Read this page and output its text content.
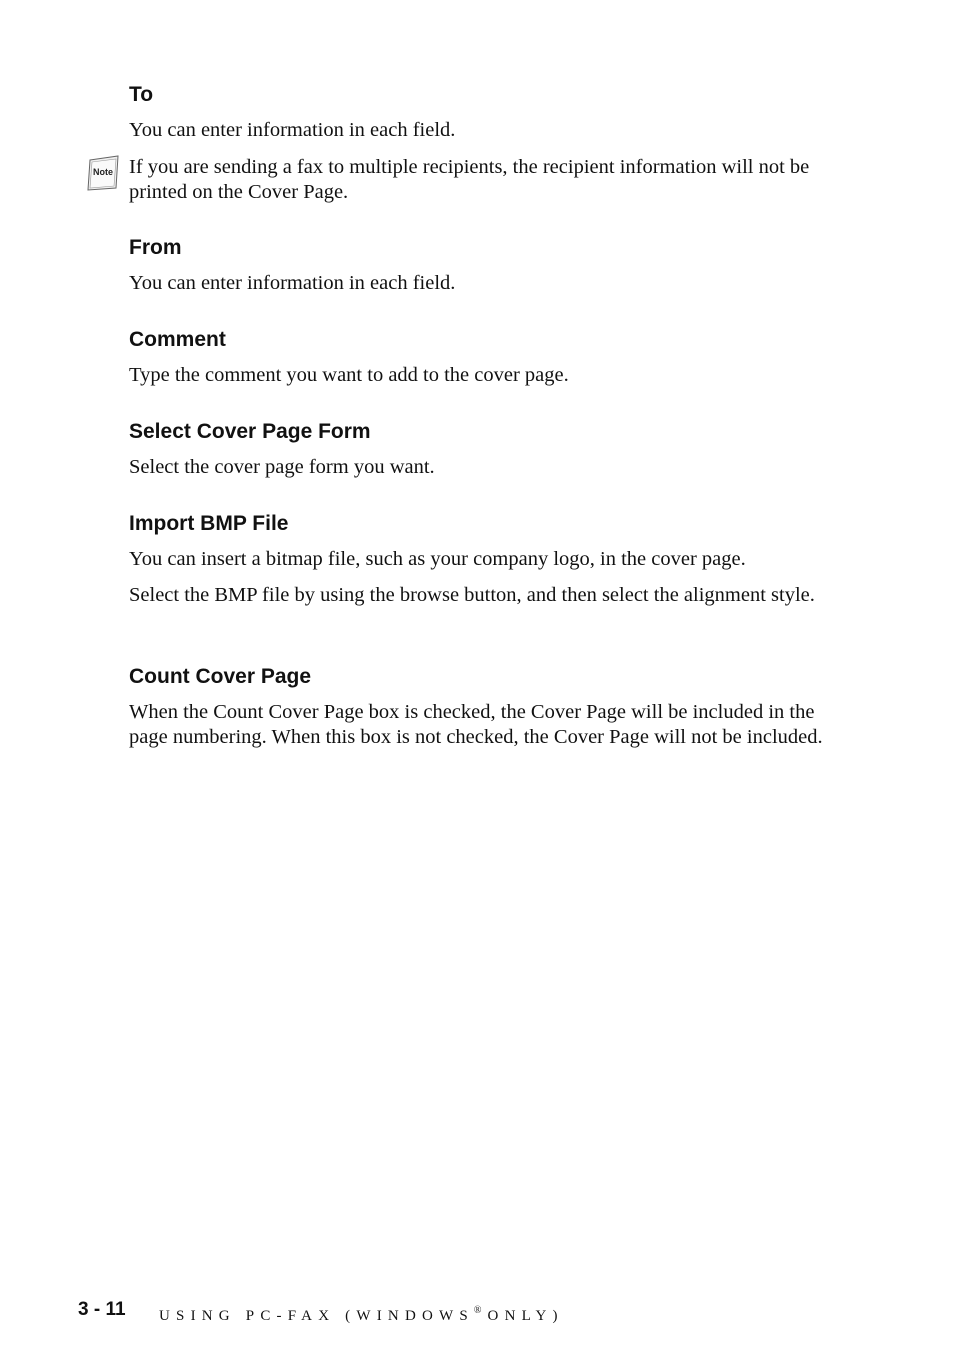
To

You can enter information in each field.

Note If you are sending a fax to multiple recipients, the recipient information will not be printed on the Cover Page.

From

You can enter information in each field.

Comment

Type the comment you want to add to the cover page.

Select Cover Page Form

Select the cover page form you want.

Import BMP File

You can insert a bitmap file, such as your company logo, in the cover page.

Select the BMP file by using the browse button, and then select the alignment style.

Count Cover Page

When the Count Cover Page box is checked, the Cover Page will be included in the page numbering. When this box is not checked, the Cover Page will not be included.

3 - 11 USING PC-FAX (WINDOWS® ONLY)
